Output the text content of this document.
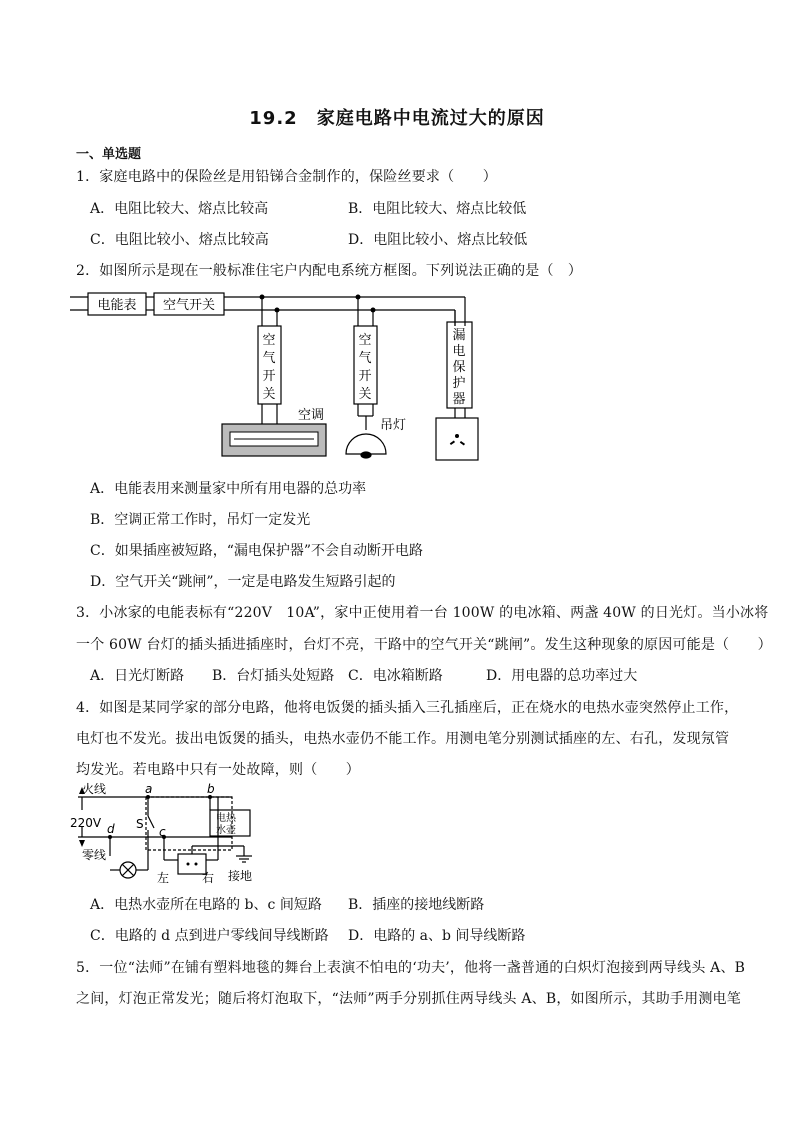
19.2　家庭电路中电流过大的原因
一、单选题
1．家庭电路中的保险丝是用铅锑合金制作的，保险丝要求（　　）
A．电阻比较大、熔点比较高	B．电阻比较大、熔点比较低
C．电阻比较小、熔点比较高	D．电阻比较小、熔点比较低
2．如图所示是现在一般标准住宅户内配电系统方框图。下列说法正确的是（　）
电能表 空气开关
空
气
开
关
空
气
开
关
漏
电
保
护
器
空调
吊灯
A．电能表用来测量家中所有用电器的总功率
B．空调正常工作时，吊灯一定发光
C．如果插座被短路，“漏电保护器”不会自动断开电路
D．空气开关“跳闸”，一定是电路发生短路引起的
3．小冰家的电能表标有“220V　10A”，家中正使用着一台 100W 的电冰箱、两盏 40W 的日光灯。当小冰将
一个 60W 台灯的插头插进插座时，台灯不亮，干路中的空气开关“跳闸”。发生这种现象的原因可能是（　　）
A．日光灯断路 B．台灯插头处短路 C．电冰箱断路	D．用电器的总功率过大
4．如图是某同学家的部分电路，他将电饭煲的插头插入三孔插座后，正在烧水的电热水壶突然停止工作，
电灯也不发光。拔出电饭煲的插头，电热水壶仍不能工作。用测电笔分别测试插座的左、右孔，发现氖管
均发光。若电路中只有一处故障，则（　　）
火线
220V
零线
a	b
c
d S	电热
水壶
左	右 接地
A．电热水壶所在电路的 b、c 间短路 B．插座的接地线断路
C．电路的 d 点到进户零线间导线断路 D．电路的 a、b 间导线断路
5．一位“法师”在铺有塑料地毯的舞台上表演不怕电的‘功夫’，他将一盏普通的白炽灯泡接到两导线头 A、B
之间，灯泡正常发光；随后将灯泡取下，“法师”两手分别抓住两导线头 A、B，如图所示，其助手用测电笔
